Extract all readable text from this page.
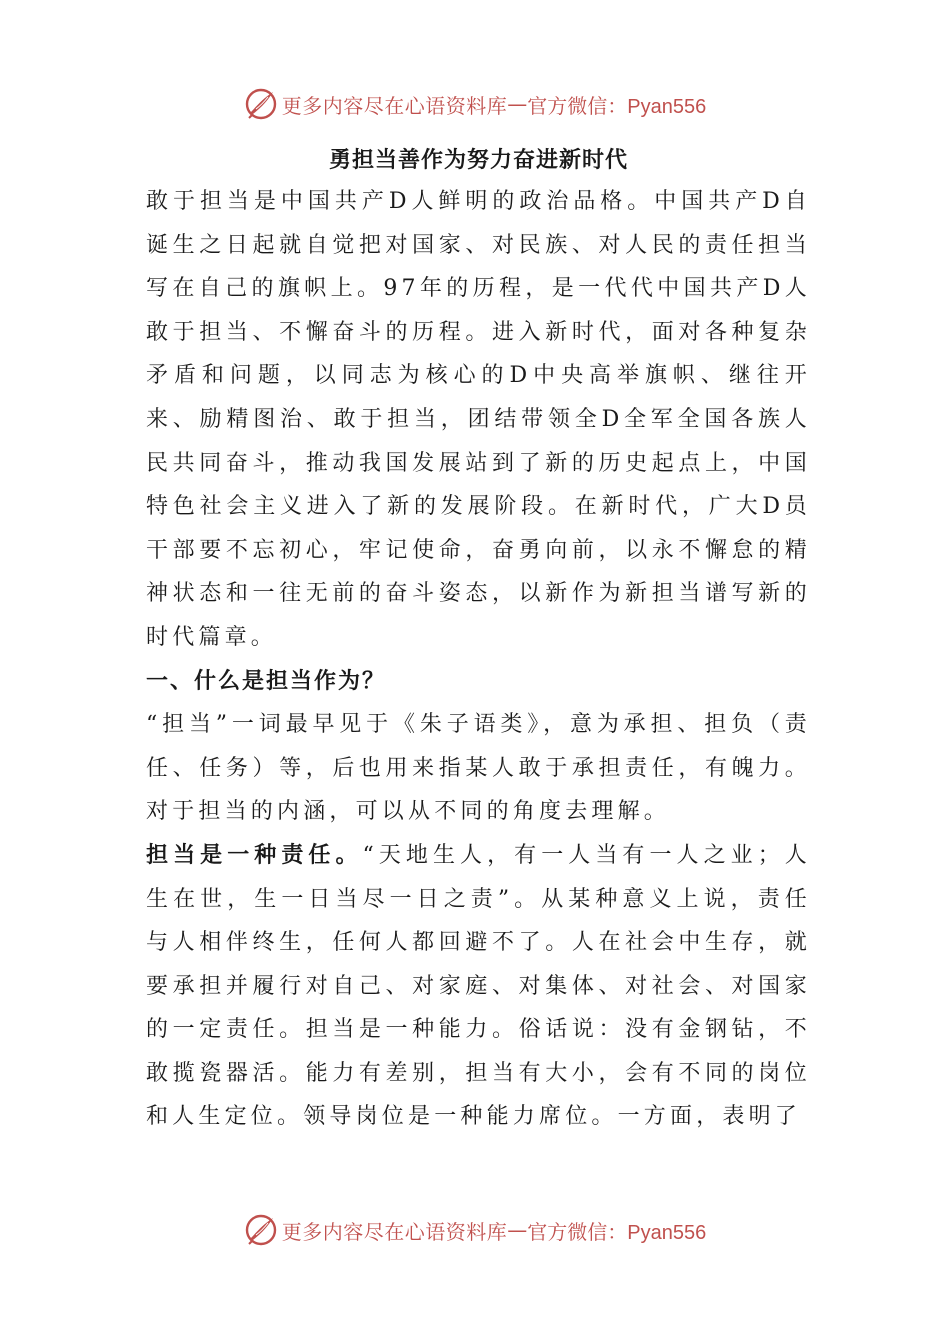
更多内容尽在心语资料库 — 官方微信：Pyan556
勇担当善作为努力奋进新时代

敢于担当是中国共产D人鲜明的政治品格。中国共产D自诞生之日起就自觉把对国家、对民族、对人民的责任担当写在自己的旗帜上。97年的历程，是一代代中国共产D人敢于担当、不懈奋斗的历程。进入新时代，面对各种复杂矛盾和问题，以同志为核心的D中央高举旗帜、继往开来、励精图治、敢于担当，团结带领全D全军全国各族人民共同奋斗，推动我国发展站到了新的历史起点上，中国特色社会主义进入了新的发展阶段。在新时代，广大D员干部要不忘初心，牢记使命，奋勇向前，以永不懈怠的精神状态和一往无前的奋斗姿态，以新作为新担当谱写新的时代篇章。

一、什么是担当作为？

“担当”一词最早见于《朱子语类》，意为承担、担负（责任、任务）等，后也用来指某人敢于承担责任，有魄力。对于担当的内涵，可以从不同的角度去理解。

担当是一种责任。“天地生人，有一人当有一人之业；人生在世，生一日当尽一日之责”。从某种意义上说，责任与人相伴终生，任何人都回避不了。人在社会中生存，就要承担并履行对自己、对家庭、对集体、对社会、对国家的一定责任。担当是一种能力。俗话说：没有金钢钻，不敢揽瓷器活。能力有差别，担当有大小，会有不同的岗位和人生定位。领导岗位是一种能力席位。一方面，表明了

更多内容尽在心语资料库 — 官方微信：Pyan556
